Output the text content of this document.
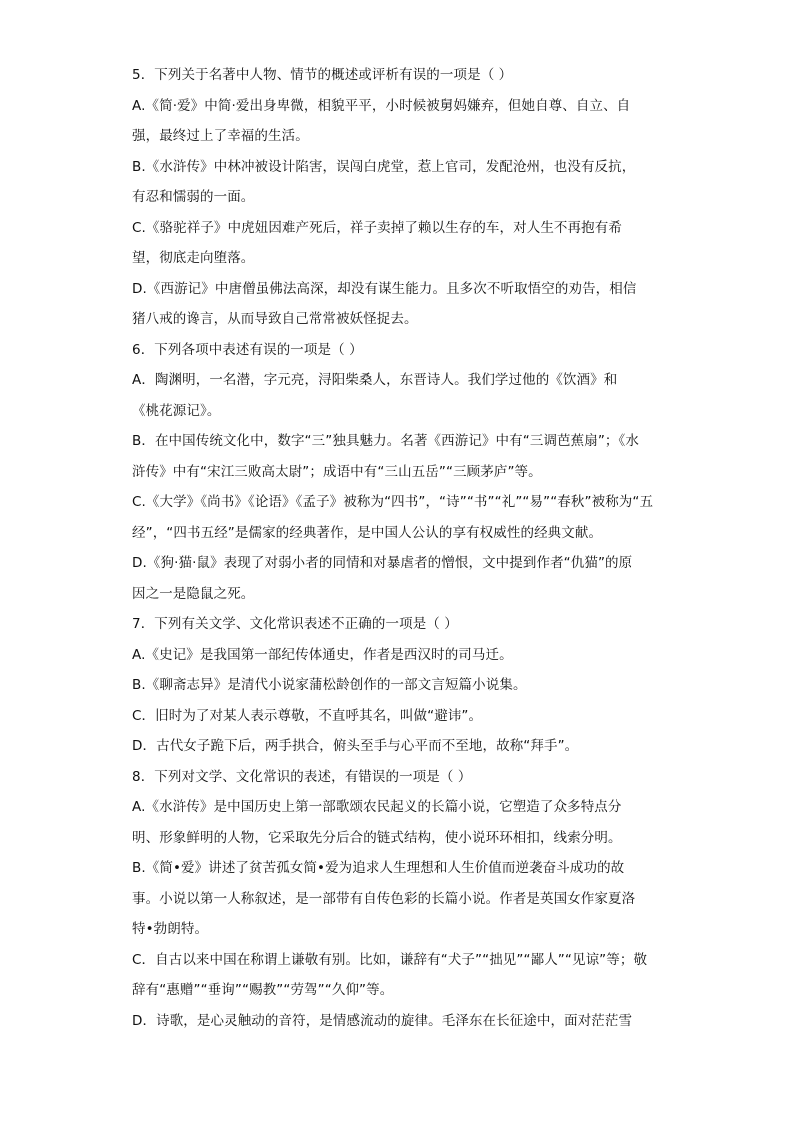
5．下列关于名著中人物、情节的概述或评析有误的一项是（ ）
A.《简·爱》中简·爱出身卑微，相貌平平，小时候被舅妈嫌弃，但她自尊、自立、自
强，最终过上了幸福的生活。
B.《水浒传》中林冲被设计陷害，误闯白虎堂，惹上官司，发配沧州，也没有反抗，
有忍和懦弱的一面。
C.《骆驼祥子》中虎妞因难产死后，祥子卖掉了赖以生存的车，对人生不再抱有希
望，彻底走向堕落。
D.《西游记》中唐僧虽佛法高深，却没有谋生能力。且多次不听取悟空的劝告，相信
猪八戒的谗言，从而导致自己常常被妖怪捉去。
6．下列各项中表述有误的一项是（ ）
A．陶渊明，一名潜，字元亮，浔阳柴桑人，东晋诗人。我们学过他的《饮酒》和
《桃花源记》。
B．在中国传统文化中，数字“三”独具魅力。名著《西游记》中有“三调芭蕉扇”；《水
浒传》中有“宋江三败高太尉”；成语中有“三山五岳”“三顾茅庐”等。
C.《大学》《尚书》《论语》《孟子》被称为“四书”，“诗”“书”“礼”“易”“春秋”被称为“五
经”，“四书五经”是儒家的经典著作，是中国人公认的享有权威性的经典文献。
D.《狗·猫·鼠》表现了对弱小者的同情和对暴虐者的憎恨，文中提到作者“仇猫”的原
因之一是隐鼠之死。
7．下列有关文学、文化常识表述不正确的一项是（ ）
A.《史记》是我国第一部纪传体通史，作者是西汉时的司马迁。
B.《聊斋志异》是清代小说家蒲松龄创作的一部文言短篇小说集。
C．旧时为了对某人表示尊敬，不直呼其名，叫做“避讳”。
D．古代女子跪下后，两手拱合，俯头至手与心平而不至地，故称“拜手”。
8．下列对文学、文化常识的表述，有错误的一项是（ ）
A.《水浒传》是中国历史上第一部歌颂农民起义的长篇小说，它塑造了众多特点分
明、形象鲜明的人物，它采取先分后合的链式结构，使小说环环相扣，线索分明。
B.《简•爱》讲述了贫苦孤女简•爱为追求人生理想和人生价值而逆袭奋斗成功的故
事。小说以第一人称叙述，是一部带有自传色彩的长篇小说。作者是英国女作家夏洛
特•勃朗特。
C．自古以来中国在称谓上谦敬有别。比如，谦辞有“犬子”“拙见”“鄙人”“见谅”等；敬
辞有“惠赠”“垂询”“赐教”“劳驾”“久仰”等。
D．诗歌，是心灵触动的音符，是情感流动的旋律。毛泽东在长征途中，面对茫茫雪
